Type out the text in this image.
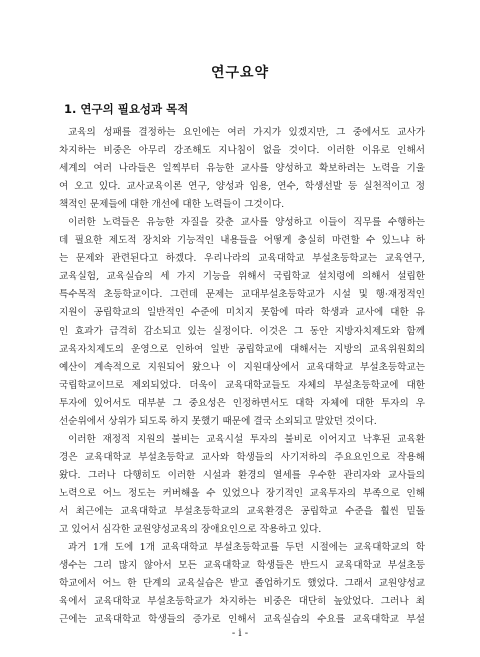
연구요약
1. 연구의 필요성과 목적
교육의 성패를 결정하는 요인에는 여러 가지가 있겠지만, 그 중에서도 교사가
차지하는 비중은 아무리 강조해도 지나침이 없을 것이다. 이러한 이유로 인해서
세계의 여러 나라들은 일찍부터 유능한 교사를 양성하고 확보하려는 노력을 기울
여 오고 있다. 교사교육이론 연구, 양성과 임용, 연수, 학생선발 등 실천적이고 정
책적인 문제들에 대한 개선에 대한 노력들이 그것이다.
이러한 노력들은 유능한 자질을 갖춘 교사를 양성하고 이들이 직무를 수행하는
데 필요한 제도적 장치와 기능적인 내용들을 어떻게 충실히 마련할 수 있느냐 하
는 문제와 관련된다고 하겠다. 우리나라의 교육대학교 부설초등학교는 교육연구,
교육실험, 교육실습의 세 가지 기능을 위해서 국립학교 설치령에 의해서 설립한
특수목적 초등학교이다. 그런데 문제는 교대부설초등학교가 시설 및 행·재정적인
지원이 공립학교의 일반적인 수준에 미치지 못함에 따라 학생과 교사에 대한 유
인 효과가 급격히 감소되고 있는 실정이다. 이것은 그 동안 지방자치제도와 함께
교육자치제도의 운영으로 인하여 일반 공립학교에 대해서는 지방의 교육위원회의
예산이 계속적으로 지원되어 왔으나 이 지원대상에서 교육대학교 부설초등학교는
국립학교이므로 제외되었다. 더욱이 교육대학교들도 자체의 부설초등학교에 대한
투자에 있어서도 대부분 그 중요성은 인정하면서도 대학 자체에 대한 투자의 우
선순위에서 상위가 되도록 하지 못했기 때문에 결국 소외되고 말았던 것이다.
이러한 재정적 지원의 불비는 교육시설 투자의 불비로 이어지고 낙후된 교육환
경은 교육대학교 부설초등학교 교사와 학생들의 사기저하의 주요요인으로 작용해
왔다. 그러나 다행히도 이러한 시설과 환경의 열세를 우수한 관리자와 교사들의
노력으로 어느 정도는 커버해올 수 있었으나 장기적인 교육투자의 부족으로 인해
서 최근에는 교육대학교 부설초등학교의 교육환경은 공립학교 수준을 훨씬 밑돌
고 있어서 심각한 교원양성교육의 장애요인으로 작용하고 있다.
과거 1개 도에 1개 교육대학교 부설초등학교를 두던 시절에는 교육대학교의 학
생수는 그리 많지 않아서 모든 교육대학교 학생들은 반드시 교육대학교 부설초등
학교에서 어느 한 단계의 교육실습은 받고 졸업하기도 했었다. 그래서 교원양성교
육에서 교육대학교 부설초등학교가 차지하는 비중은 대단히 높았었다. 그러나 최
근에는 교육대학교 학생들의 증가로 인해서 교육실습의 수요를 교육대학교 부설
- i -
